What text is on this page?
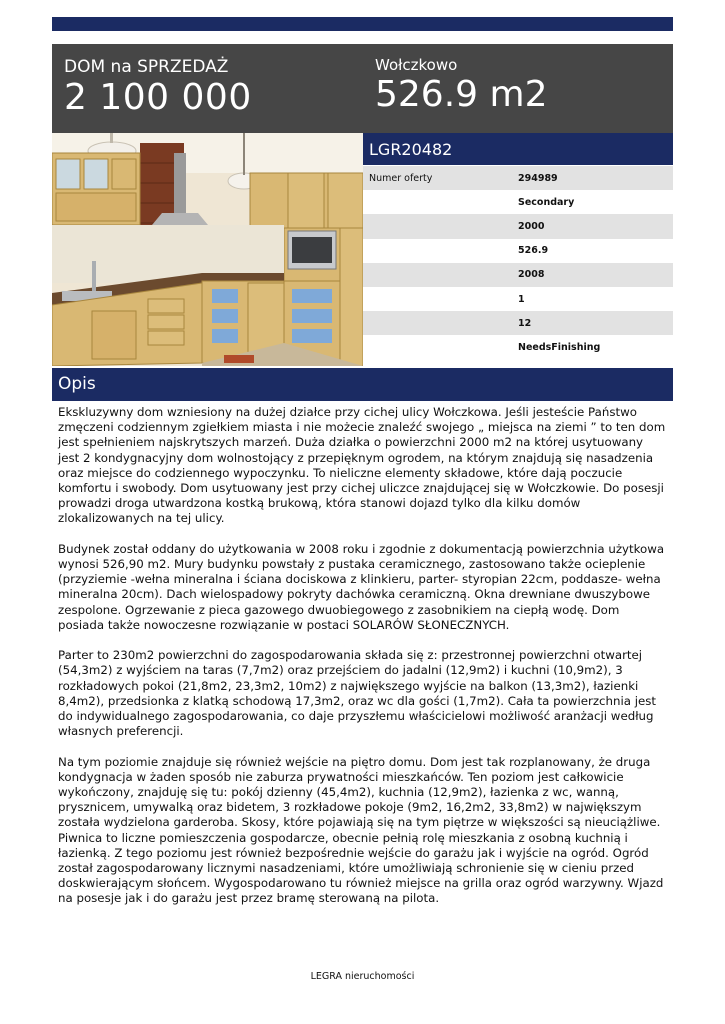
DOM na SPRZEDAŻ
2 100 000
Wołczkowo
526.9 m2
LGR20482
Numer oferty	294989
Secondary
2000
526.9
2008
1
12
NeedsFinishing
Opis

Ekskluzywny dom wzniesiony na dużej działce przy cichej ulicy Wołczkowa. Jeśli jesteście Państwo zmęczeni codziennym zgiełkiem miasta i nie możecie znaleźć swojego „ miejsca na ziemi ” to ten dom jest spełnieniem najskrytszych marzeń. Duża działka o powierzchni 2000 m2 na której usytuowany jest 2 kondygnacyjny dom wolnostojący z przepięknym ogrodem, na którym znajdują się nasadzenia oraz miejsce do codziennego wypoczynku. To nieliczne elementy składowe, które dają poczucie komfortu i swobody. Dom usytuowany jest przy cichej uliczce znajdującej się w Wołczkowie. Do posesji prowadzi droga utwardzona kostką brukową, która stanowi dojazd tylko dla kilku domów zlokalizowanych na tej ulicy.

Budynek został oddany do użytkowania w 2008 roku i zgodnie z dokumentacją powierzchnia użytkowa wynosi 526,90 m2. Mury budynku powstały z pustaka ceramicznego, zastosowano także ocieplenie (przyziemie -wełna mineralna i ściana dociskowa z klinkieru, parter- styropian 22cm, poddasze- wełna mineralna 20cm). Dach wielospadowy pokryty dachówka ceramiczną. Okna drewniane dwuszybowe zespolone. Ogrzewanie z pieca gazowego dwuobiegowego z zasobnikiem na ciepłą wodę. Dom posiada także nowoczesne rozwiązanie w postaci SOLARÓW SŁONECZNYCH.

Parter to 230m2 powierzchni do zagospodarowania składa się z: przestronnej powierzchni otwartej (54,3m2) z wyjściem na taras (7,7m2) oraz przejściem do jadalni (12,9m2) i kuchni (10,9m2), 3 rozkładowych pokoi (21,8m2, 23,3m2, 10m2) z największego wyjście na balkon (13,3m2), łazienki 8,4m2), przedsionka z klatką schodową 17,3m2, oraz wc dla gości (1,7m2). Cała ta powierzchnia jest do indywidualnego zagospodarowania, co daje przyszłemu właścicielowi możliwość aranżacji według własnych preferencji.

Na tym poziomie znajduje się również wejście na piętro domu. Dom jest tak rozplanowany, że druga kondygnacja w żaden sposób nie zaburza prywatności mieszkańców. Ten poziom jest całkowicie wykończony, znajduję się tu: pokój dzienny (45,4m2), kuchnia (12,9m2), łazienka z wc, wanną, prysznicem, umywalką oraz bidetem, 3 rozkładowe pokoje (9m2, 16,2m2, 33,8m2) w największym została wydzielona garderoba. Skosy, które pojawiają się na tym piętrze w większości są nieuciążliwe.
Piwnica to liczne pomieszczenia gospodarcze, obecnie pełnią rolę mieszkania z osobną kuchnią i łazienką. Z tego poziomu jest również bezpośrednie wejście do garażu jak i wyjście na ogród. Ogród został zagospodarowany licznymi nasadzeniami, które umożliwiają schronienie się w cieniu przed doskwierającym słońcem. Wygospodarowano tu również miejsce na grilla oraz ogród warzywny. Wjazd na posesje jak i do garażu jest przez bramę sterowaną na pilota.

LEGRA nieruchomości
